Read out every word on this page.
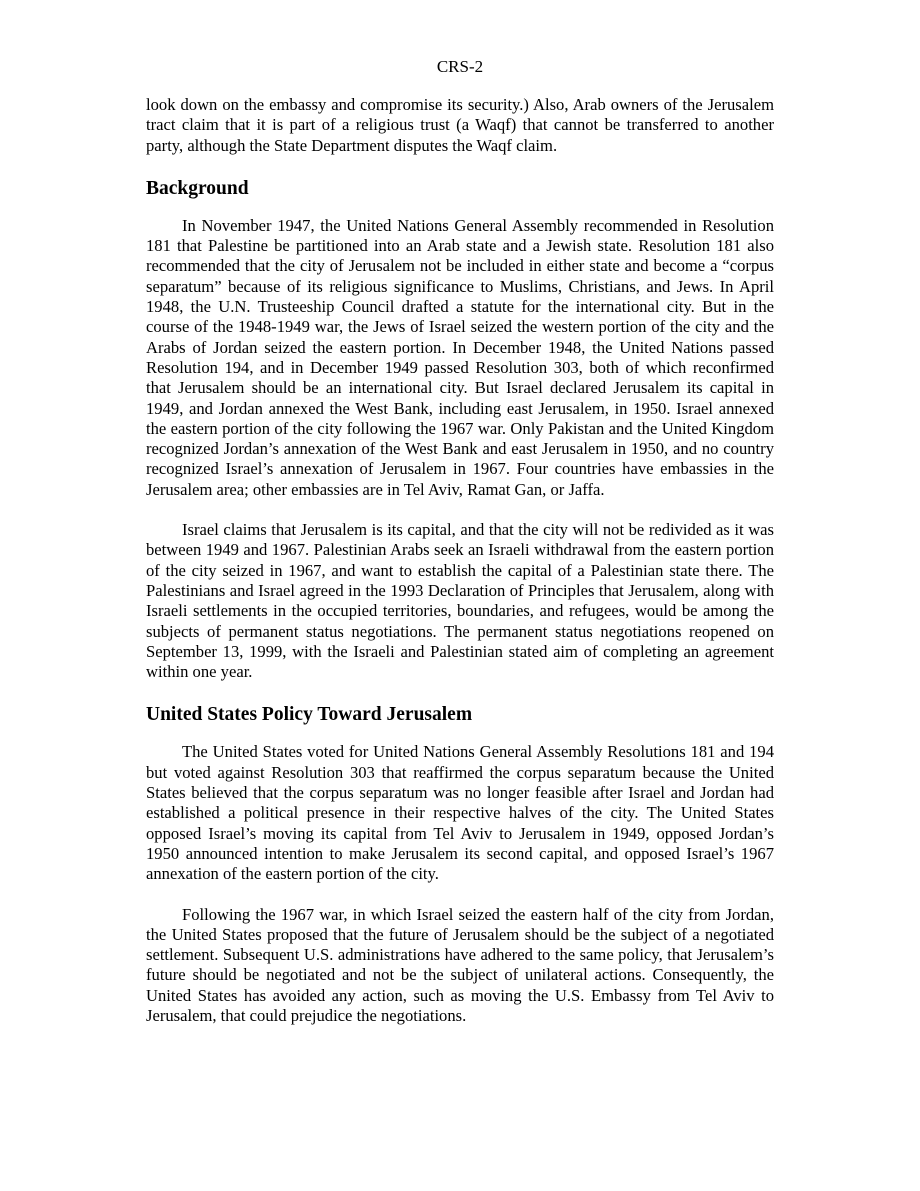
CRS-2

look down on the embassy and compromise its security.) Also, Arab owners of the Jerusalem tract claim that it is part of a religious trust (a Waqf) that cannot be transferred to another party, although the State Department disputes the Waqf claim.

Background

In November 1947, the United Nations General Assembly recommended in Resolution 181 that Palestine be partitioned into an Arab state and a Jewish state. Resolution 181 also recommended that the city of Jerusalem not be included in either state and become a “corpus separatum” because of its religious significance to Muslims, Christians, and Jews. In April 1948, the U.N. Trusteeship Council drafted a statute for the international city. But in the course of the 1948-1949 war, the Jews of Israel seized the western portion of the city and the Arabs of Jordan seized the eastern portion. In December 1948, the United Nations passed Resolution 194, and in December 1949 passed Resolution 303, both of which reconfirmed that Jerusalem should be an international city. But Israel declared Jerusalem its capital in 1949, and Jordan annexed the West Bank, including east Jerusalem, in 1950. Israel annexed the eastern portion of the city following the 1967 war. Only Pakistan and the United Kingdom recognized Jordan’s annexation of the West Bank and east Jerusalem in 1950, and no country recognized Israel’s annexation of Jerusalem in 1967. Four countries have embassies in the Jerusalem area; other embassies are in Tel Aviv, Ramat Gan, or Jaffa.

Israel claims that Jerusalem is its capital, and that the city will not be redivided as it was between 1949 and 1967. Palestinian Arabs seek an Israeli withdrawal from the eastern portion of the city seized in 1967, and want to establish the capital of a Palestinian state there. The Palestinians and Israel agreed in the 1993 Declaration of Principles that Jerusalem, along with Israeli settlements in the occupied territories, boundaries, and refugees, would be among the subjects of permanent status negotiations. The permanent status negotiations reopened on September 13, 1999, with the Israeli and Palestinian stated aim of completing an agreement within one year.

United States Policy Toward Jerusalem

The United States voted for United Nations General Assembly Resolutions 181 and 194 but voted against Resolution 303 that reaffirmed the corpus separatum because the United States believed that the corpus separatum was no longer feasible after Israel and Jordan had established a political presence in their respective halves of the city. The United States opposed Israel’s moving its capital from Tel Aviv to Jerusalem in 1949, opposed Jordan’s 1950 announced intention to make Jerusalem its second capital, and opposed Israel’s 1967 annexation of the eastern portion of the city.

Following the 1967 war, in which Israel seized the eastern half of the city from Jordan, the United States proposed that the future of Jerusalem should be the subject of a negotiated settlement. Subsequent U.S. administrations have adhered to the same policy, that Jerusalem’s future should be negotiated and not be the subject of unilateral actions. Consequently, the United States has avoided any action, such as moving the U.S. Embassy from Tel Aviv to Jerusalem, that could prejudice the negotiations.
